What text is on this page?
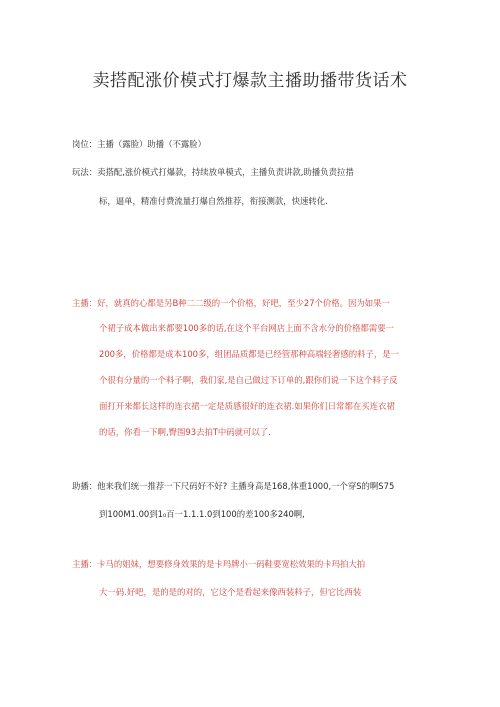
卖搭配涨价模式打爆款主播助播带货话术
岗位：主播（露脸）助播（不露脸）
玩法：卖搭配,涨价模式打爆款，持续放单模式，主播负责讲款,助播负责拉措
标，逼单，精准付费流量打爆自然推荐，衔接测款，快速转化.
主播：好，就真的心都是另B种二二级的一个价格，好吧，至少27个价格。因为如果一
个裙子成本做出来都要100多的话,在这个平台网店上面不含水分的价格都需要一
200多，价格都是成本100多，组团品质都是已经管那种高端轻奢感的料子，是一
个很有分量的一个料子啊，我们家,是自己做过下订单的,跟你们说一下这个料子反
面打开来都长这样的连衣裙一定是质感很好的连衣裙.如果你们日常都在买连衣裙
的话，你看一下啊,臀围93去拍T中码就可以了.
助播：他来我们统一推荐一下尺码好不好? 主播身高是168,体重1000,一个穿S的啊S75
到100M1.00到1₀百一1.1.1.0到100的差100多240啊,
主播：卡马的姐妹，想要修身效果的是卡玛牌小一码鞋要宽松效果的卡玛拍大拍
大一码.好吧，是的是的对的，它这个是看起来像西装料子，但它比西装
